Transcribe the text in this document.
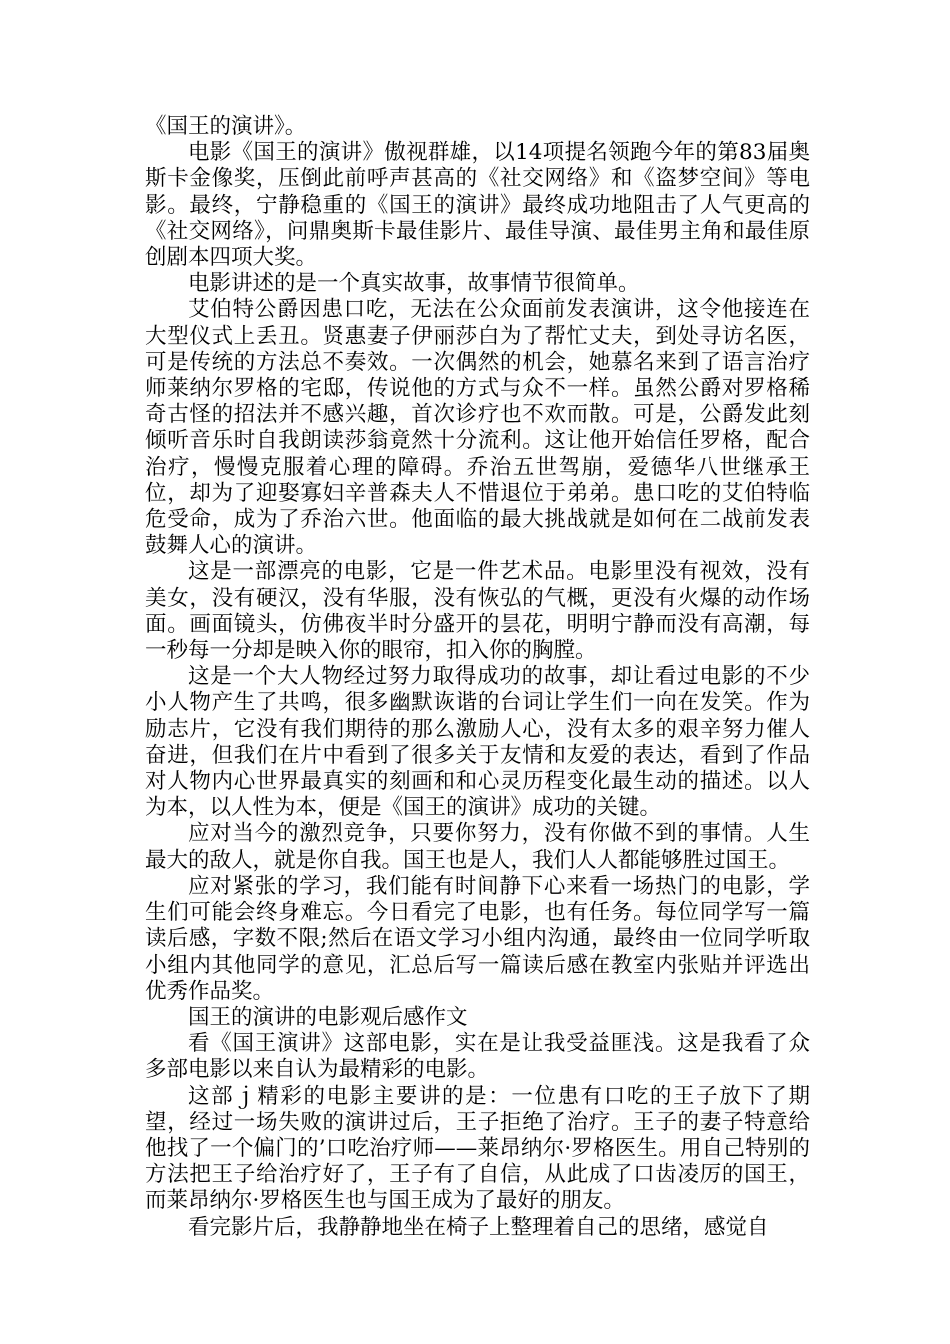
《国王的演讲》。

电影《国王的演讲》傲视群雄，以14项提名领跑今年的第83届奥斯卡金像奖，压倒此前呼声甚高的《社交网络》和《盗梦空间》等电影。最终，宁静稳重的《国王的演讲》最终成功地阻击了人气更高的《社交网络》，问鼎奥斯卡最佳影片、最佳导演、最佳男主角和最佳原创剧本四项大奖。

电影讲述的是一个真实故事，故事情节很简单。

艾伯特公爵因患口吃，无法在公众面前发表演讲，这令他接连在大型仪式上丢丑。贤惠妻子伊丽莎白为了帮忙丈夫，到处寻访名医，可是传统的方法总不奏效。一次偶然的机会，她慕名来到了语言治疗师莱纳尔罗格的宅邸，传说他的方式与众不一样。虽然公爵对罗格稀奇古怪的招法并不感兴趣，首次诊疗也不欢而散。可是，公爵发此刻倾听音乐时自我朗读莎翁竟然十分流利。这让他开始信任罗格，配合治疗，慢慢克服着心理的障碍。乔治五世驾崩，爱德华八世继承王位，却为了迎娶寡妇辛普森夫人不惜退位于弟弟。患口吃的艾伯特临危受命，成为了乔治六世。他面临的最大挑战就是如何在二战前发表鼓舞人心的演讲。

这是一部漂亮的电影，它是一件艺术品。电影里没有视效，没有美女，没有硬汉，没有华服，没有恢弘的气概，更没有火爆的动作场面。画面镜头，仿佛夜半时分盛开的昙花，明明宁静而没有高潮，每一秒每一分却是映入你的眼帘，扣入你的胸膛。

这是一个大人物经过努力取得成功的故事，却让看过电影的不少小人物产生了共鸣，很多幽默诙谐的台词让学生们一向在发笑。作为励志片，它没有我们期待的那么激励人心，没有太多的艰辛努力催人奋进，但我们在片中看到了很多关于友情和友爱的表达，看到了作品对人物内心世界最真实的刻画和和心灵历程变化最生动的描述。以人为本，以人性为本，便是《国王的演讲》成功的关键。

应对当今的激烈竞争，只要你努力，没有你做不到的事情。人生最大的敌人，就是你自我。国王也是人，我们人人都能够胜过国王。

应对紧张的学习，我们能有时间静下心来看一场热门的电影，学生们可能会终身难忘。今日看完了电影，也有任务。每位同学写一篇读后感，字数不限;然后在语文学习小组内沟通，最终由一位同学听取小组内其他同学的意见，汇总后写一篇读后感在教室内张贴并评选出优秀作品奖。

国王的演讲的电影观后感作文

看《国王演讲》这部电影，实在是让我受益匪浅。这是我看了众多部电影以来自认为最精彩的电影。

这部ｊ精彩的电影主要讲的是：一位患有口吃的王子放下了期望，经过一场失败的演讲过后，王子拒绝了治疗。王子的妻子特意给他找了一个偏门的’口吃治疗师——莱昂纳尔·罗格医生。用自己特别的方法把王子给治疗好了，王子有了自信，从此成了口齿凌厉的国王，而莱昂纳尔·罗格医生也与国王成为了最好的朋友。

看完影片后，我静静地坐在椅子上整理着自己的思绪，感觉自
